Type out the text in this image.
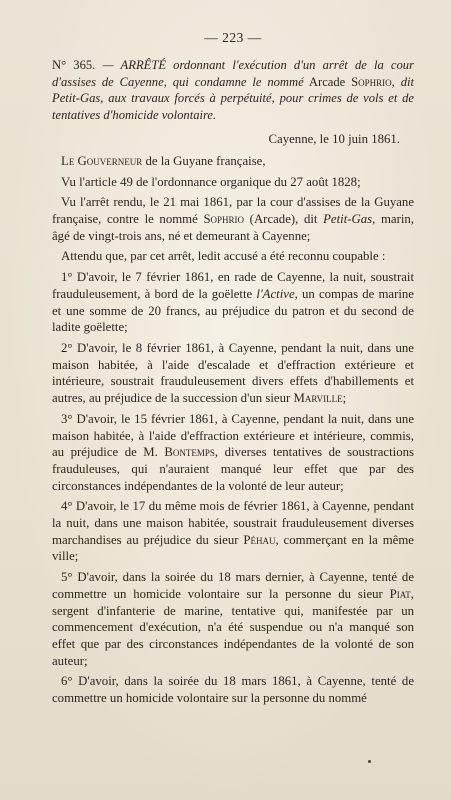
— 223 —

N° 365. — ARRÊTÉ ordonnant l'exécution d'un arrêt de la cour d'assises de Cayenne, qui condamne le nommé Arcade Sophrio, dit Petit-Gas, aux travaux forcés à perpétuité, pour crimes de vols et de tentatives d'homicide volontaire.

Cayenne, le 10 juin 1861.

Le Gouverneur de la Guyane française,

Vu l'article 49 de l'ordonnance organique du 27 août 1828;

Vu l'arrêt rendu, le 21 mai 1861, par la cour d'assises de la Guyane française, contre le nommé Sophrio (Arcade), dit Petit-Gas, marin, âgé de vingt-trois ans, né et demeurant à Cayenne;

Attendu que, par cet arrêt, ledit accusé a été reconnu coupable :

1° D'avoir, le 7 février 1861, en rade de Cayenne, la nuit, soustrait frauduleusement, à bord de la goëlette l'Active, un compas de marine et une somme de 20 francs, au préjudice du patron et du second de ladite goëlette;

2° D'avoir, le 8 février 1861, à Cayenne, pendant la nuit, dans une maison habitée, à l'aide d'escalade et d'effraction extérieure et intérieure, soustrait frauduleusement divers effets d'habillements et autres, au préjudice de la succession d'un sieur Marville;

3° D'avoir, le 15 février 1861, à Cayenne, pendant la nuit, dans une maison habitée, à l'aide d'effraction extérieure et intérieure, commis, au préjudice de M. Bontemps, diverses tentatives de soustractions frauduleuses, qui n'auraient manqué leur effet que par des circonstances indépendantes de la volonté de leur auteur;

4° D'avoir, le 17 du même mois de février 1861, à Cayenne, pendant la nuit, dans une maison habitée, soustrait frauduleusement diverses marchandises au préjudice du sieur Péhau, commerçant en la même ville;

5° D'avoir, dans la soirée du 18 mars dernier, à Cayenne, tenté de commettre un homicide volontaire sur la personne du sieur Piat, sergent d'infanterie de marine, tentative qui, manifestée par un commencement d'exécution, n'a été suspendue ou n'a manqué son effet que par des circonstances indépendantes de la volonté de son auteur;

6° D'avoir, dans la soirée du 18 mars 1861, à Cayenne, tenté de commettre un homicide volontaire sur la personne du nommé
